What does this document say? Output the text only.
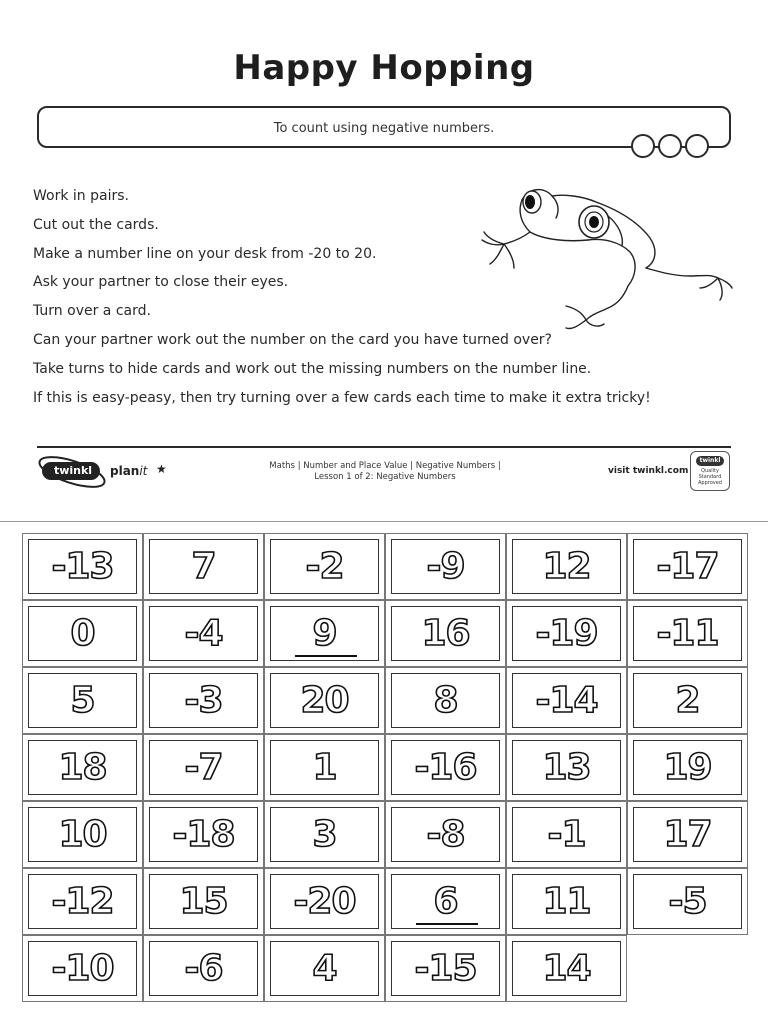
Happy Hopping
To count using negative numbers.
Work in pairs.
Cut out the cards.
Make a number line on your desk from -20 to 20.
Ask your partner to close their eyes.
Turn over a card.
Can your partner work out the number on the card you have turned over?
Take turns to hide cards and work out the missing numbers on the number line.
If this is easy-peasy, then try turning over a few cards each time to make it extra tricky!
twinkl	planit ★	Maths | Number and Place Value | Negative Numbers |
Lesson 1 of 2: Negative Numbers
visit twinkl.com
twinkl
Quality Standard
Approved
-13	7	-2	-9	12	-17
0	-4	9	16	-19	-11
5	-3	20	8	-14	2
18	-7	1	-16	13	19
10	-18	3	-8	-1	17
-12	15	-20	6	11	-5
-10	-6	4	-15	14
